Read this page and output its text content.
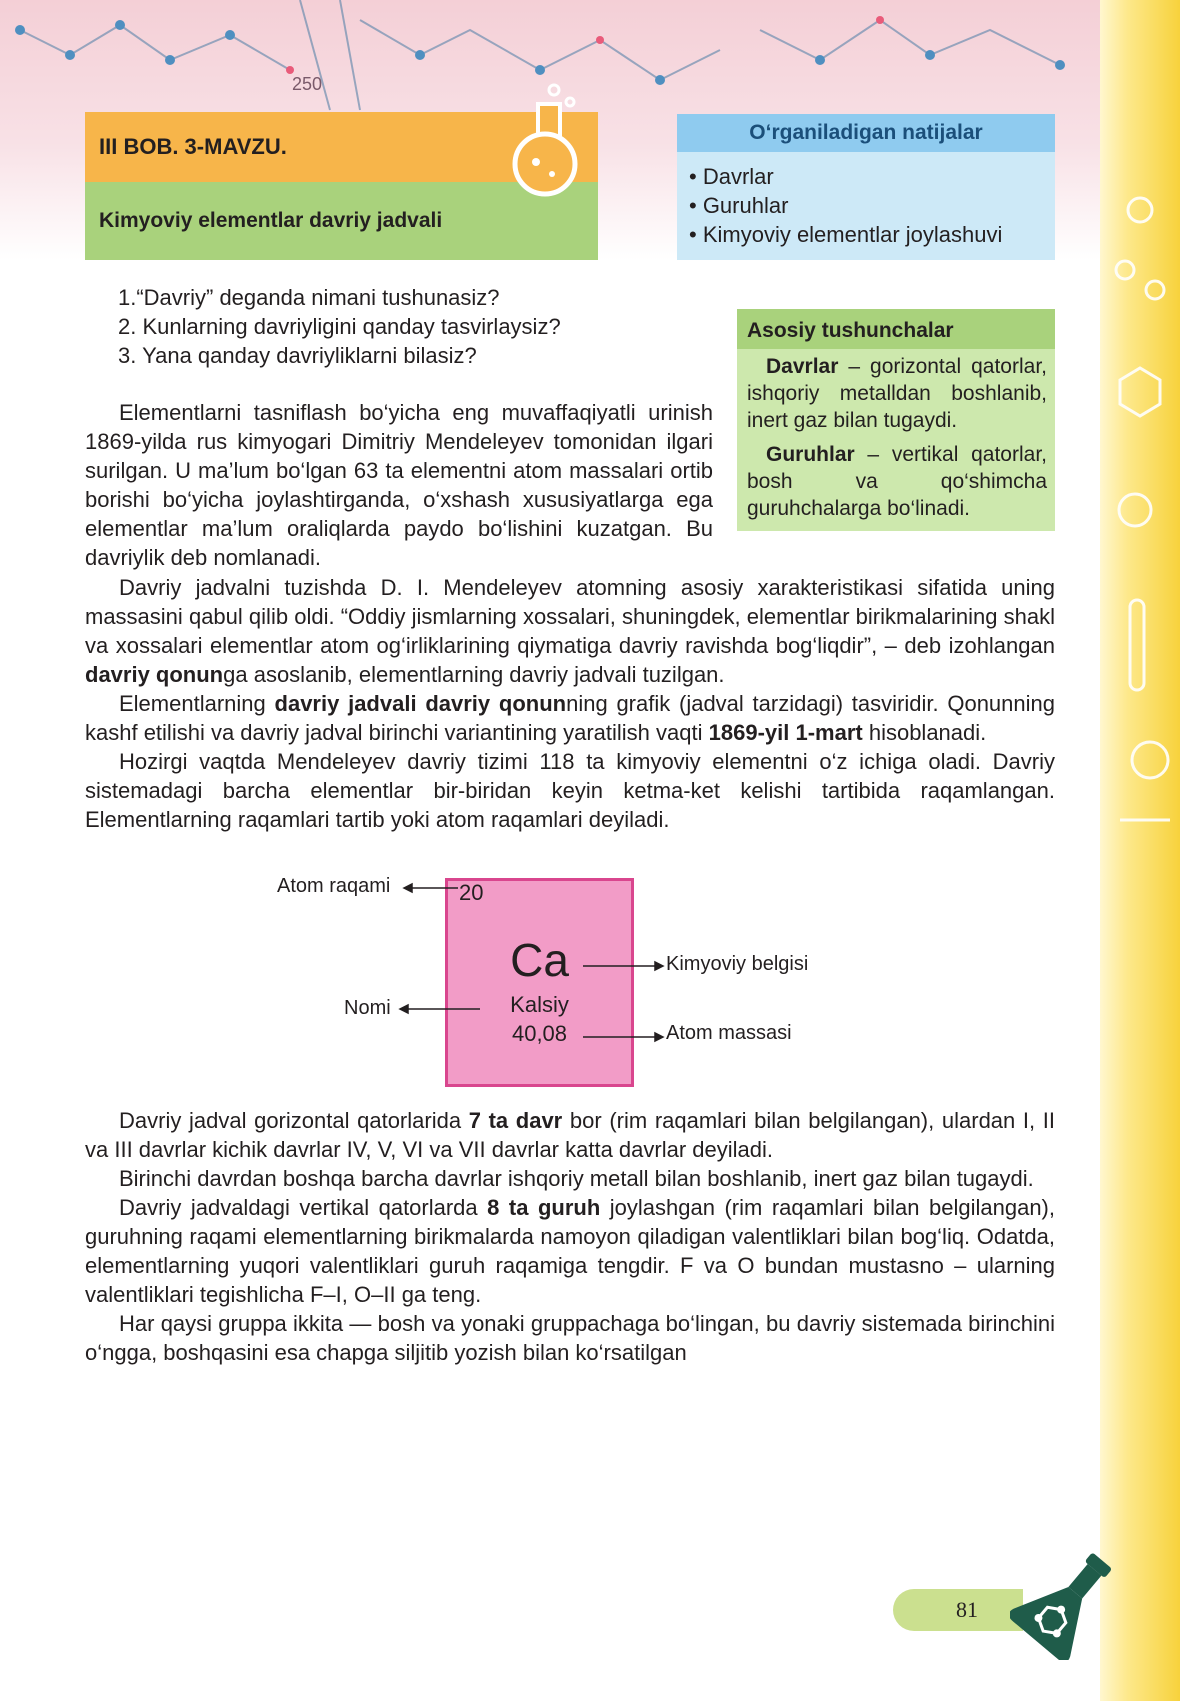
250
III BOB. 3-MAVZU.
Kimyoviy elementlar davriy jadvali
O‘rganiladigan natijalar
• Davrlar
• Guruhlar
• Kimyoviy elementlar joylashuvi
1.“Davriy” deganda nimani tushunasiz?
2. Kunlarning davriyligini qanday tasvirlaysiz?
3. Yana qanday davriyliklarni bilasiz?
Asosiy tushunchalar

Davrlar – gorizontal qatorlar, ishqoriy metalldan boshlanib, inert gaz bilan tugaydi.

Guruhlar – vertikal qatorlar, bosh va qo‘shimcha guruhchalarga bo‘linadi.

Elementlarni tasniflash bo‘yicha eng muvaffaqiyatli urinish 1869-yilda rus kimyogari Dimitriy Mendeleyev tomonidan ilgari surilgan. U ma’lum bo‘lgan 63 ta elementni atom massalari ortib borishi bo‘yicha joylashtirganda, o‘xshash xususiyatlarga ega elementlar ma’lum oraliqlarda paydo bo‘lishini kuzatgan. Bu davriylik deb nomlanadi.

Davriy jadvalni tuzishda D. I. Mendeleyev atomning asosiy xarakteristikasi sifatida uning massasini qabul qilib oldi. “Oddiy jismlarning xossalari, shuningdek, elementlar birikmalarining shakl va xossalari elementlar atom og‘irliklarining qiymatiga davriy ravishda bog‘liqdir”, – deb izohlangan davriy qonunga asoslanib, elementlarning davriy jadvali tuzilgan.

Elementlarning davriy jadvali davriy qonunning grafik (jadval tarzidagi) tasviridir. Qonunning kashf etilishi va davriy jadval birinchi variantining yaratilish vaqti 1869-yil 1-mart hisoblanadi.

Hozirgi vaqtda Mendeleyev davriy tizimi 118 ta kimyoviy elementni o‘z ichiga oladi. Davriy sistemadagi barcha elementlar bir-biridan keyin ketma-ket kelishi tartibida raqamlangan. Elementlarning raqamlari tartib yoki atom raqamlari deyiladi.

20
Ca
Kalsiy
40,08
Atom raqami
Kimyoviy belgisi
Nomi
Atom massasi

Davriy jadval gorizontal qatorlarida 7 ta davr bor (rim raqamlari bilan belgilangan), ulardan I, II va III davrlar kichik davrlar IV, V, VI va VII davrlar katta davrlar deyiladi.

Birinchi davrdan boshqa barcha davrlar ishqoriy metall bilan boshlanib, inert gaz bilan tugaydi.

Davriy jadvaldagi vertikal qatorlarda 8 ta guruh joylashgan (rim raqamlari bilan belgilangan), guruhning raqami elementlarning birikmalarda namoyon qiladigan valentliklari bilan bog‘liq. Odatda, elementlarning yuqori valentliklari guruh raqamiga tengdir. F va O bundan mustasno – ularning valentliklari tegishlicha F–I, O–II ga teng.

Har qaysi gruppa ikkita — bosh va yonaki gruppachaga bo‘lingan, bu davriy sistemada birinchini o‘ngga, boshqasini esa chapga siljitib yozish bilan ko‘rsatilgan

81
